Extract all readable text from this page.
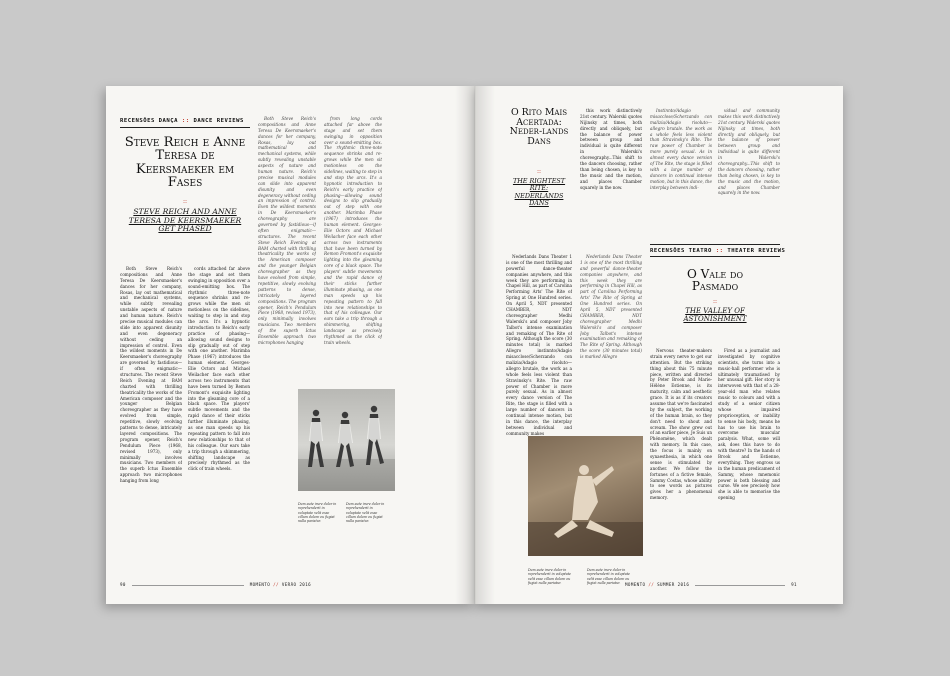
RECENSÕES DANÇA :: DANCE REVIEWS
Steve Reich e Anne Teresa de Keersmaeker em Fases
::
STEVE REICH AND ANNE TERESA DE KEERSMAEKER GET PHASED

Both Steve Reich's compositions and Anne Teresa De Keersmaeker's dances for her company, Rosas, lay out mathematical and mechanical systems, while subtly revealing unstable aspects of nature and human nature. Reich's precise musical modules can slide into apparent disunity and even degeneracy without ceding an impression of control. Even the wildest moments in De Keersmaeker's choreography are governed by fastidious—if often enigmatic—structures. The recent Steve Reich Evening at BAM charted with thrilling theatricality the works of the American composer and the younger Belgian choreographer as they have evolved from simple, repetitive, slowly evolving patterns to dense, intricately layered compositions. The program opener, Reich's Pendulum Piece (1968, revised 1973), only minimally involves musicians. Two members of the superb Ictus Ensemble approach two microphones hanging from long

cords attached far above the stage and set them swinging in opposition over a sound-emitting box. The rhythmic three-note sequence shrinks and re-grows while the men sit motionless on the sidelines, waiting to step in and stop the arcs. It's a hypnotic introduction to Reich's early practice of phasing—allowing sound designs to slip gradually out of step with one another. Marimba Phase (1967) introduces the human element. Georges-Elie Octors and Michael Weilacher face each other across two instruments that have been turned by Remon Fromont's exquisite lighting into the gleaming core of a black space. The players' subtle movements and the rapid dance of their sticks further illuminate phasing, as one man speeds up his repeating pattern to fall into new relationships to that of his colleague. Our ears take a trip through a shimmering, shifting landscape as precisely rhythmed as the click of train wheels.

Both Steve Reich's compositions and Anne Teresa De Keersmaeker's dances for her company, Rosas, lay out mathematical and mechanical systems, while subtly revealing unstable aspects of nature and human nature. Reich's precise musical modules can slide into apparent disunity and even degeneracy without ceding an impression of control. Even the wildest moments in De Keersmaeker's choreography are governed by fastidious—if often enigmatic—structures. The recent Steve Reich Evening at BAM charted with thrilling theatricality the works of the American composer and the younger Belgian choreographer as they have evolved from simple, repetitive, slowly evolving patterns to dense, intricately layered compositions. The program opener, Reich's Pendulum Piece (1968, revised 1973), only minimally involves musicians. Two members of the superb Ictus Ensemble approach two microphones hanging

from long cords attached far above the stage and set them swinging in opposition over a sound-emitting box. The rhythmic three-note sequence shrinks and re-grows while the men sit motionless on the sidelines, waiting to step in and stop the arcs. It's a hypnotic introduction to Reich's early practice of phasing—allowing sound designs to slip gradually out of step with one another. Marimba Phase (1967) introduces the human element. Georges-Elie Octors and Michael Weilacher face each other across two instruments that have been turned by Remon Fromont's exquisite lighting into the gleaming core of a black space. The players' subtle movements and the rapid dance of their sticks further illuminate phasing, as one man speeds up his repeating pattern to fall into new relationships to that of his colleague. Our ears take a trip through a shimmering, shifting landscape as precisely rhythmed as the click of train wheels.

Dum aute irure dolor in reprehenderit in voluptate velit esse cillum dolore eu fugiat nulla pariatur.
Dum aute irure dolor in reprehenderit in voluptate velit esse cillum dolore eu fugiat nulla pariatur.
90	MOMENTO // VERÃO 2016
O Rito Mais Acertada: Neder-lands Dans
::
THE RIGHTEST RITE: NEDERLANDS DANS

this work distinctively 21st century. Walerski quotes Nijinsky at times, both directly and obliquely, but the balance of power between group and individual is quite different in Walerski's choreography...This shift to the dancers choosing, rather than being chosen, is key to the music and the motion, and places Chamber squarely in the now.

Instinnto/Adagio misacclose/Scherzando con malizia/Adagio risoluto—allegro brutale. the work as a whole feels less violent than Stravinsky's Rite. The raw power of Chamber is more purely sexual. As in almost every dance version of The Rite, the stage is filled with a large number of dancers in continual intense motion, but in this dance, the interplay between indi-

vidual and community makes this work distinctively 21st century. Walerski quotes Nijinsky at times, both directly and obliquely, but the balance of power between group and individual is quite different in Walerski's choreography...This shift to the dancers choosing, rather than being chosen, is key to the music and the motion, and places Chamber squarely in the now.

Nederlands Dans Theater 1 is one of the most thrilling and powerful dance-theater companies anywhere, and this week they are performing in Chapel Hill, as part of Carolina Performing Arts' The Rite of Spring at One Hundred series. On April 5, NDT presented CHAMBER, NDT choreographer Medhi Walerski's and composer Joby Talbot's intense examination and remaking of The Rite of Spring. Although the score (30 minutes total) is marked Allegro instinnto/Adagio misacclose/Scherzando con malizia/Adagio risoluto—allegro brutale, the work as a whole feels less violent than Stravinsky's Rite. The raw power of Chamber is more purely sexual. As in almost every dance version of The Rite, the stage is filled with a large number of dancers in continual intense motion, but in this dance, the interplay between individual and community makes

Nederlands Dans Theater 1 is one of the most thrilling and powerful dance-theater companies anywhere, and this week they are performing in Chapel Hill, as part of Carolina Performing Arts' The Rite of Spring at One Hundred series. On April 5, NDT presented CHAMBER, NDT choreographer Medhi Walerski's and composer Joby Talbot's intense examination and remaking of The Rite of Spring. Although the score (30 minutes total) is marked Allegro

Dum aute irure dolor in reprehenderit in voluptate velit esse cillum dolore eu fugiat nulla pariatur.
Dum aute irure dolor in reprehenderit in voluptate velit esse cillum dolore eu fugiat nulla pariatur.
RECENSÕES TEATRO :: THEATER REVIEWS
O Vale do Pasmado
::
THE VALLEY OF ASTONISHMENT

Nervous theater-makers strain every nerve to get our attention. But the striking thing about this 75 minute piece, written and directed by Peter Brook and Marie-Hélène Estienne, is its maturity, calm and aesthetic grace. It is as if its creators assume that we're fascinated by the subject, the working of the human brain, so they don't need to shout and scream. The show grew out of an earlier piece, Je Suis un Phénomène, which dealt with memory. In this case, the focus is mainly on synaesthesia, in which one sense is stimulated by another. We follow the fortunes of a fictive female, Sammy Costas, whose ability to see words as pictures gives her a phenomenal memory.

Fired as a journalist and investigated by cognitive scientists, she turns into a music-hall performer who is ultimately traumatised by her unusual gift. Her story is interwoven with that of a 28-year-old man who relates music to colours and with a study of a senior citizen whose impaired proprioception, or inability to sense his body, means he has to use his brain to overcome muscular paralysis. What, some will ask, does this have to do with theatre? In the hands of Brook and Estienne, everything. They engross us in the human predicament of Sammy, whose mnemonic power is both blessing and curse. We see precisely how she is able to memorise the opening

MOMENTO // SUMMER 2016	91
